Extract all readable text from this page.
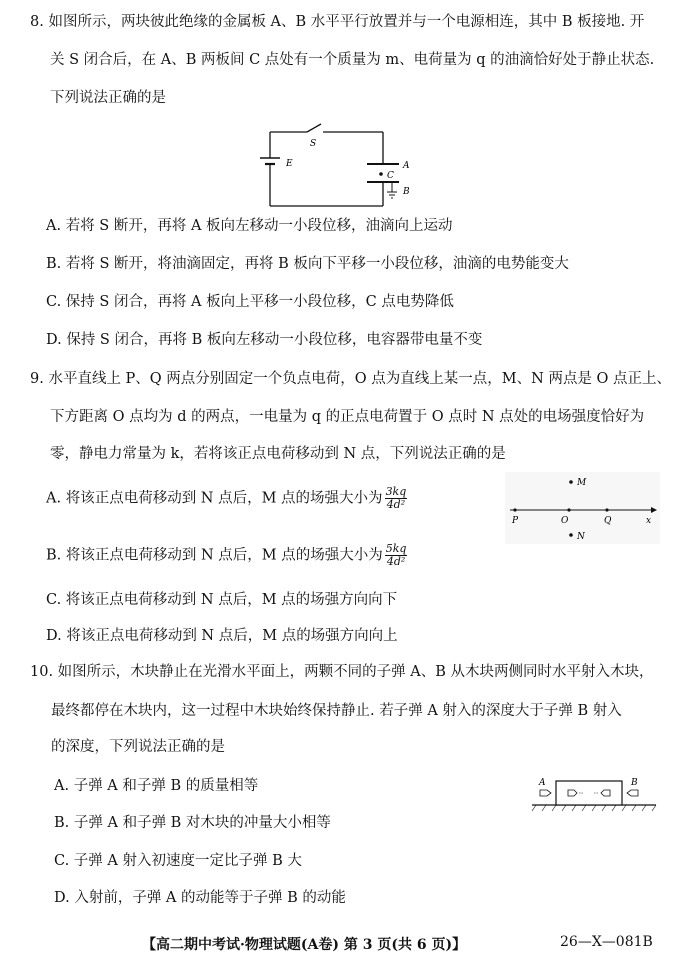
8. 如图所示，两块彼此绝缘的金属板 A、B 水平平行放置并与一个电源相连，其中 B 板接地. 开
关 S 闭合后，在 A、B 两板间 C 点处有一个质量为 m、电荷量为 q 的油滴恰好处于静止状态.
下列说法正确的是
S
E	A
C
B
A. 若将 S 断开，再将 A 板向左移动一小段位移，油滴向上运动
B. 若将 S 断开，将油滴固定，再将 B 板向下平移一小段位移，油滴的电势能变大
C. 保持 S 闭合，再将 A 板向上平移一小段位移，C 点电势降低
D. 保持 S 闭合，再将 B 板向左移动一小段位移，电容器带电量不变
9. 水平直线上 P、Q 两点分别固定一个负点电荷，O 点为直线上某一点，M、N 两点是 O 点正上、
下方距离 O 点均为 d 的两点，一电量为 q 的正点电荷置于 O 点时 N 点处的电场强度恰好为
零，静电力常量为 k，若将该正点电荷移动到 N 点，下列说法正确的是
A. 将该正点电荷移动到 N 点后，M 点的场强大小为 $\frac{3kq}{\text{4d²}}$
B. 将该正点电荷移动到 N 点后，M 点的场强大小为 $\frac{5kq}{\text{4d²}}$
C. 将该正点电荷移动到 N 点后，M 点的场强方向向下
D. 将该正点电荷移动到 N 点后，M 点的场强方向向上
M
N
P	O	Q	x
10. 如图所示，木块静止在光滑水平面上，两颗不同的子弹 A、B 从木块两侧同时水平射入木块，
最终都停在木块内，这一过程中木块始终保持静止. 若子弹 A 射入的深度大于子弹 B 射入
的深度，下列说法正确的是
A. 子弹 A 和子弹 B 的质量相等
B. 子弹 A 和子弹 B 对木块的冲量大小相等
C. 子弹 A 射入初速度一定比子弹 B 大
D. 入射前，子弹 A 的动能等于子弹 B 的动能
A	B
【高二期中考试·物理试题(A卷) 第 3 页(共 6 页)】	26—X—081B
